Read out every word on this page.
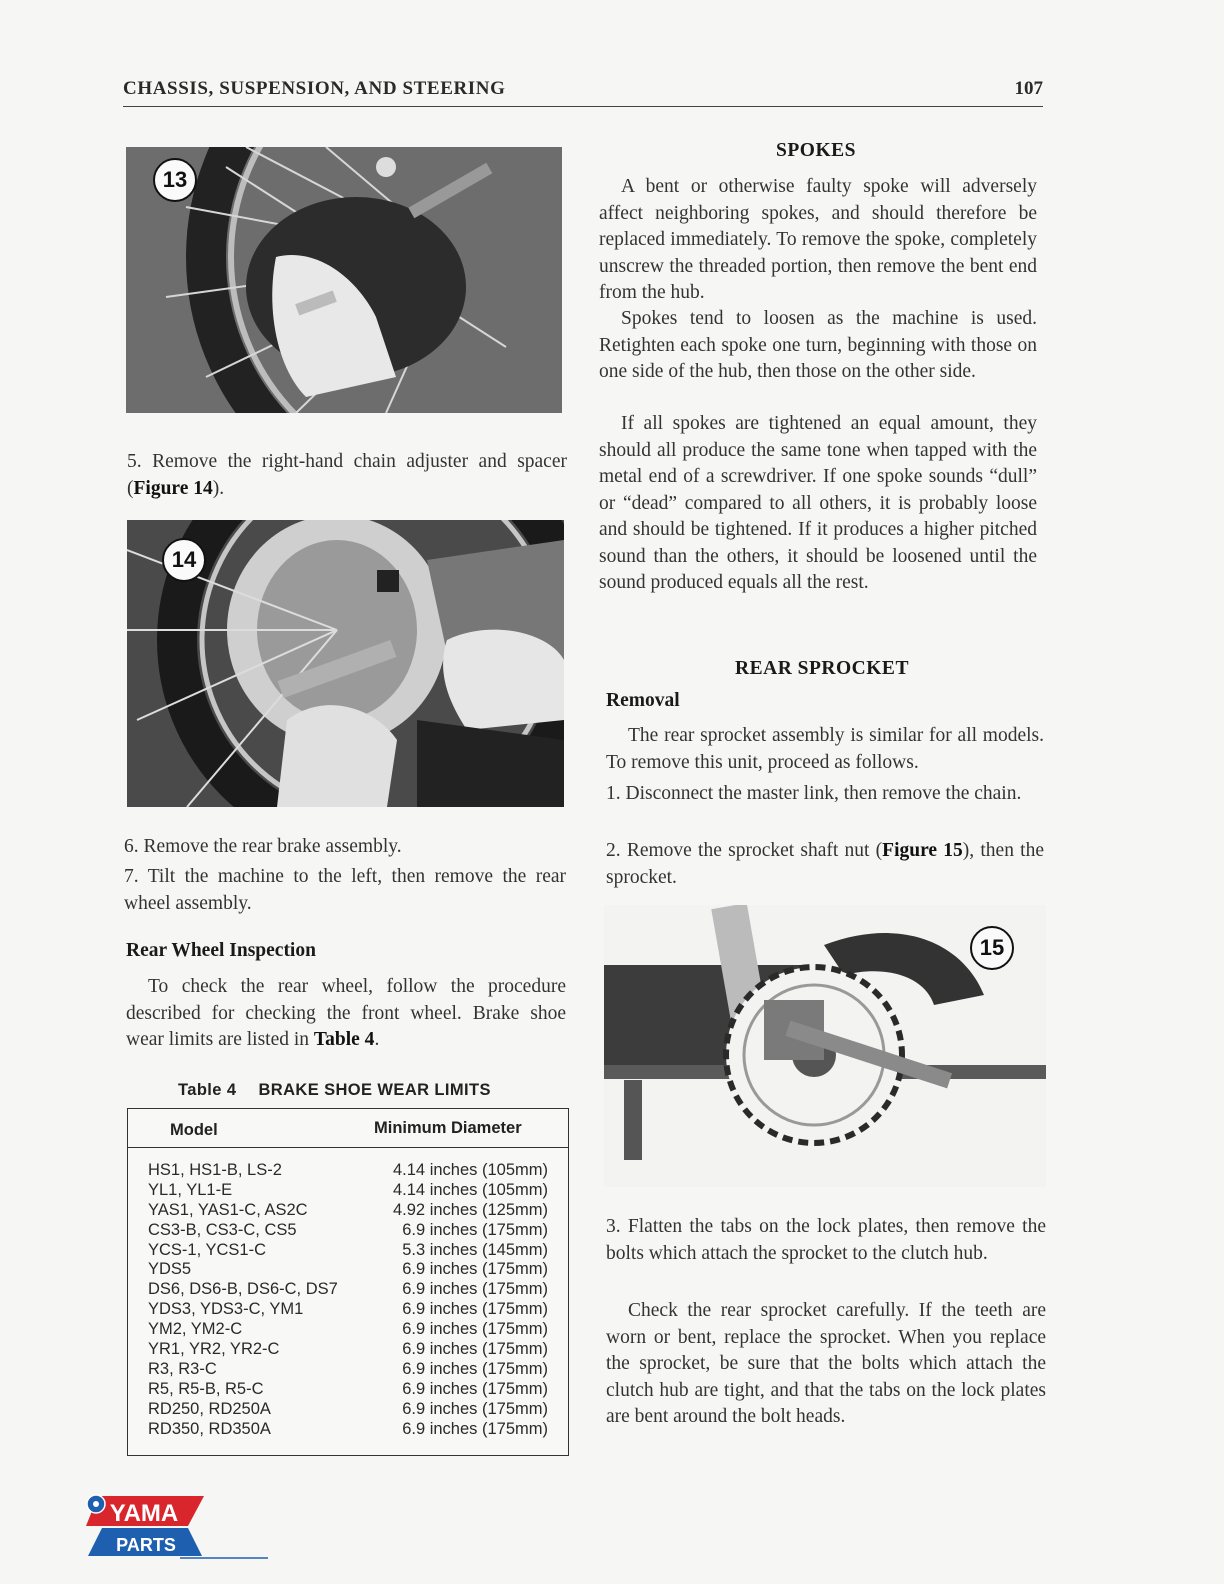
CHASSIS, SUSPENSION, AND STEERING	107
13
5. Remove the right-hand chain adjuster and spacer (Figure 14).
14
6. Remove the rear brake assembly.
7. Tilt the machine to the left, then remove the rear wheel assembly.
Rear Wheel Inspection
To check the rear wheel, follow the procedure described for checking the front wheel. Brake shoe wear limits are listed in Table 4.
Table 4 BRAKE SHOE WEAR LIMITS
Model	Minimum Diameter
HS1, HS1-B, LS-2	4.14 inches (105mm)
YL1, YL1-E	4.14 inches (105mm)
YAS1, YAS1-C, AS2C	4.92 inches (125mm)
CS3-B, CS3-C, CS5	6.9 inches (175mm)
YCS-1, YCS1-C	5.3 inches (145mm)
YDS5	6.9 inches (175mm)
DS6, DS6-B, DS6-C, DS7	6.9 inches (175mm)
YDS3, YDS3-C, YM1	6.9 inches (175mm)
YM2, YM2-C	6.9 inches (175mm)
YR1, YR2, YR2-C	6.9 inches (175mm)
R3, R3-C	6.9 inches (175mm)
R5, R5-B, R5-C	6.9 inches (175mm)
RD250, RD250A	6.9 inches (175mm)
RD350, RD350A	6.9 inches (175mm)
SPOKES
A bent or otherwise faulty spoke will adversely affect neighboring spokes, and should therefore be replaced immediately. To remove the spoke, completely unscrew the threaded portion, then remove the bent end from the hub.
Spokes tend to loosen as the machine is used. Retighten each spoke one turn, beginning with those on one side of the hub, then those on the other side.
If all spokes are tightened an equal amount, they should all produce the same tone when tapped with the metal end of a screwdriver. If one spoke sounds “dull” or “dead” compared to all others, it is probably loose and should be tightened. If it produces a higher pitched sound than the others, it should be loosened until the sound produced equals all the rest.
REAR SPROCKET
Removal
The rear sprocket assembly is similar for all models. To remove this unit, proceed as follows.
1. Disconnect the master link, then remove the chain.
2. Remove the sprocket shaft nut (Figure 15), then the sprocket.
15
3. Flatten the tabs on the lock plates, then remove the bolts which attach the sprocket to the clutch hub.
Check the rear sprocket carefully. If the teeth are worn or bent, replace the sprocket. When you replace the sprocket, be sure that the bolts which attach the clutch hub are tight, and that the tabs on the lock plates are bent around the bolt heads.
YAMA
PARTS
